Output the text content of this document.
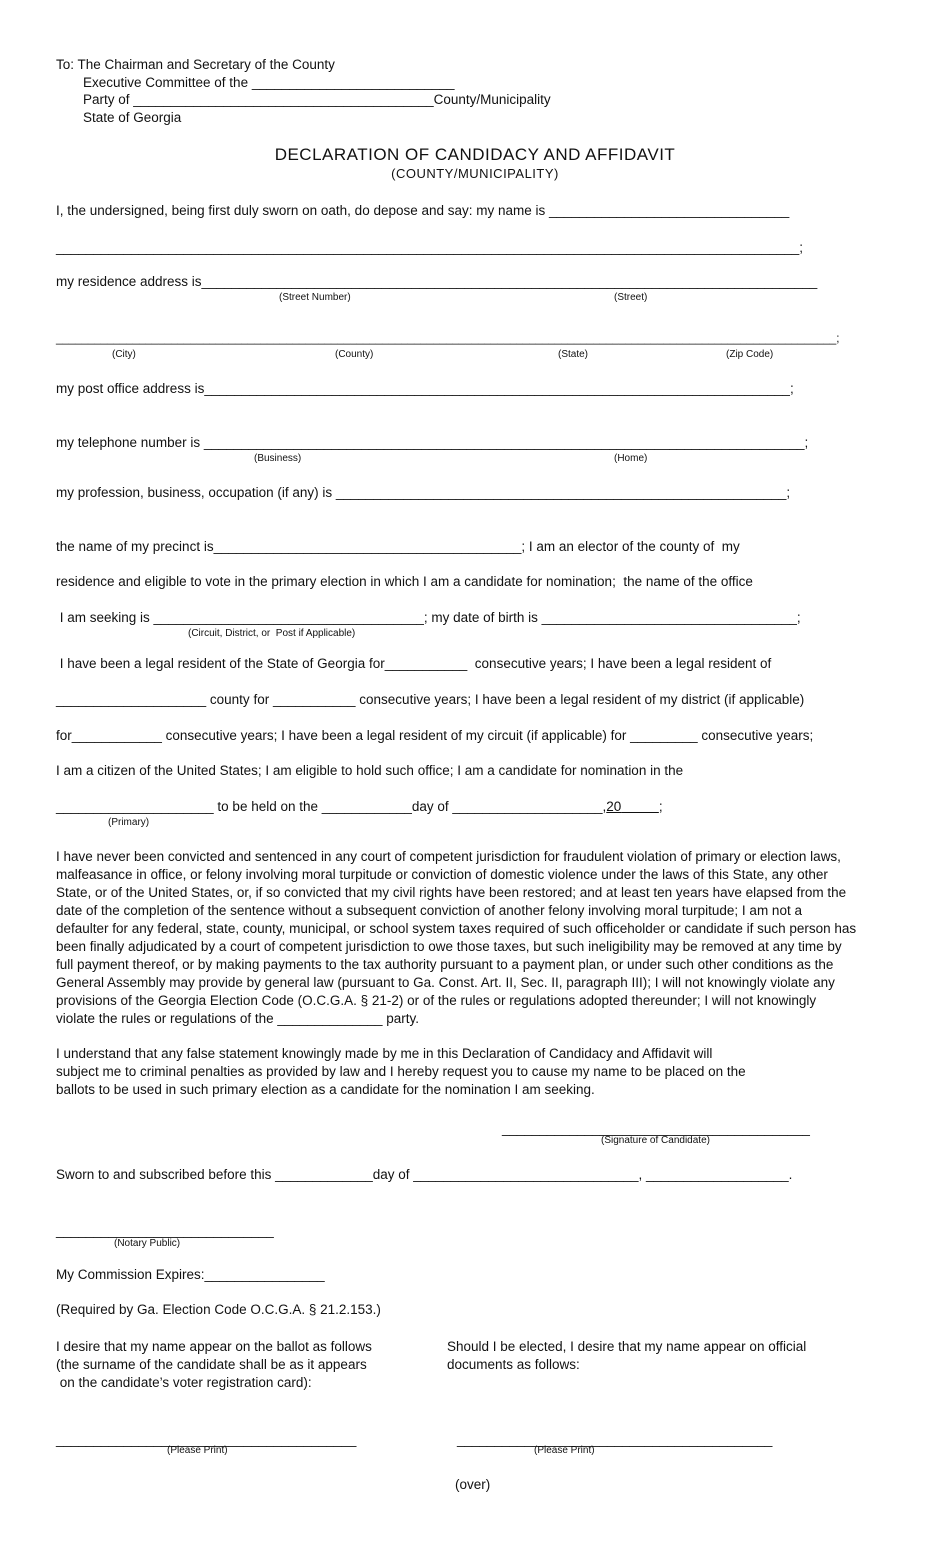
To: The Chairman and Secretary of the County
Executive Committee of the ___________________________
Party of ________________________________________County/Municipality
State of Georgia
DECLARATION OF CANDIDACY AND AFFIDAVIT
(COUNTY/MUNICIPALITY)
I, the undersigned, being first duly sworn on oath, do depose and say: my name is ________________________________
___________________________________________________________________________________________________;
my residence address is__________________________________________________________________________________
(Street Number)	(Street)
__________________________________________________________________________________________________________________________;
(City)	(County)	(State)	(Zip Code)
my post office address is______________________________________________________________________________;
my telephone number is ________________________________________________________________________________;
(Business)	(Home)
my profession, business, occupation (if any) is ____________________________________________________________;
the name of my precinct is_________________________________________; I am an elector of the county of  my
residence and eligible to vote in the primary election in which I am a candidate for nomination;  the name of the office
I am seeking is ____________________________________; my date of birth is __________________________________;
(Circuit, District, or  Post if Applicable)
I have been a legal resident of the State of Georgia for___________  consecutive years; I have been a legal resident of
____________________ county for ___________ consecutive years; I have been a legal resident of my district (if applicable)
for____________ consecutive years; I have been a legal resident of my circuit (if applicable) for _________ consecutive years;
I am a citizen of the United States; I am eligible to hold such office; I am a candidate for nomination in the
_____________________ to be held on the ____________day of ____________________,20	;
(Primary)
I have never been convicted and sentenced in any court of competent jurisdiction for fraudulent violation of primary or election laws,
malfeasance in office, or felony involving moral turpitude or conviction of domestic violence under the laws of this State, any other
State, or of the United States, or, if so convicted that my civil rights have been restored; and at least ten years have elapsed from the
date of the completion of the sentence without a subsequent conviction of another felony involving moral turpitude; I am not a
defaulter for any federal, state, county, municipal, or school system taxes required of such officeholder or candidate if such person has
been finally adjudicated by a court of competent jurisdiction to owe those taxes, but such ineligibility may be removed at any time by
full payment thereof, or by making payments to the tax authority pursuant to a payment plan, or under such other conditions as the
General Assembly may provide by general law (pursuant to Ga. Const. Art. II, Sec. II, paragraph III); I will not knowingly violate any
provisions of the Georgia Election Code (O.C.G.A. § 21-2) or of the rules or regulations adopted thereunder; I will not knowingly
violate the rules or regulations of the ______________ party.
I understand that any false statement knowingly made by me in this Declaration of Candidacy and Affidavit will
subject me to criminal penalties as provided by law and I hereby request you to cause my name to be placed on the
ballots to be used in such primary election as a candidate for the nomination I am seeking.
_________________________________________
(Signature of Candidate)
Sworn to and subscribed before this _____________day of ______________________________, ___________________.
_____________________________
(Notary Public)
My Commission Expires:________________
(Required by Ga. Election Code O.C.G.A. § 21.2.153.)
I desire that my name appear on the ballot as follows
(the surname of the candidate shall be as it appears
on the candidate’s voter registration card):
Should I be elected, I desire that my name appear on official
documents as follows:
________________________________________
(Please Print)
__________________________________________
(Please Print)
(over)
